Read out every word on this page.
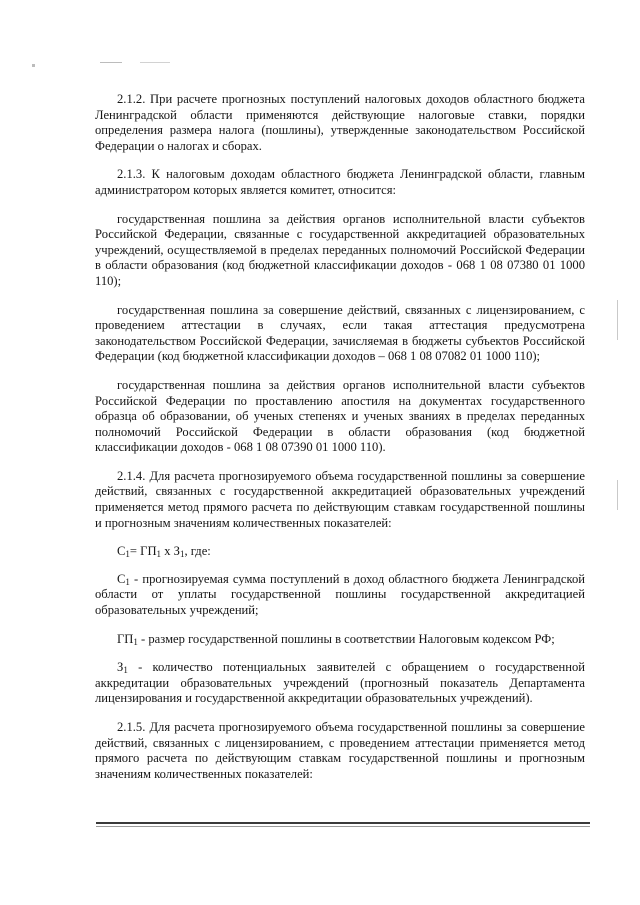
2.1.2. При расчете прогнозных поступлений налоговых доходов областного бюджета Ленинградской области применяются действующие налоговые ставки, порядки определения размера налога (пошлины), утвержденные законодательством Российской Федерации о налогах и сборах.

2.1.3. К налоговым доходам областного бюджета Ленинградской области, главным администратором которых является комитет, относится:

государственная пошлина за действия органов исполнительной власти субъектов Российской Федерации, связанные с государственной аккредитацией образовательных учреждений, осуществляемой в пределах переданных полномочий Российской Федерации в области образования (код бюджетной классификации доходов - 068 1 08 07380 01 1000 110);

государственная пошлина за совершение действий, связанных с лицензированием, с проведением аттестации в случаях, если такая аттестация предусмотрена законодательством Российской Федерации, зачисляемая в бюджеты субъектов Российской Федерации (код бюджетной классификации доходов – 068 1 08 07082 01 1000 110);

государственная пошлина за действия органов исполнительной власти субъектов Российской Федерации по проставлению апостиля на документах государственного образца об образовании, об ученых степенях и ученых званиях в пределах переданных полномочий Российской Федерации в области образования (код бюджетной классификации доходов - 068 1 08 07390 01 1000 110).

2.1.4. Для расчета прогнозируемого объема государственной пошлины за совершение действий, связанных с государственной аккредитацией образовательных учреждений применяется метод прямого расчета по действующим ставкам государственной пошлины и прогнозным значениям количественных показателей:

$С_1= ГП_1$ х $З_1$, где:

$С_1$ - прогнозируемая сумма поступлений в доход областного бюджета Ленинградской области от уплаты государственной пошлины государственной аккредитацией образовательных учреждений;

$ГП_1$ - размер государственной пошлины в соответствии Налоговым кодексом РФ;

$З_1$ - количество потенциальных заявителей с обращением о государственной аккредитации образовательных учреждений (прогнозный показатель Департамента лицензирования и государственной аккредитации образовательных учреждений).

2.1.5. Для расчета прогнозируемого объема государственной пошлины за совершение действий, связанных с лицензированием, с проведением аттестации применяется метод прямого расчета по действующим ставкам государственной пошлины и прогнозным значениям количественных показателей:
